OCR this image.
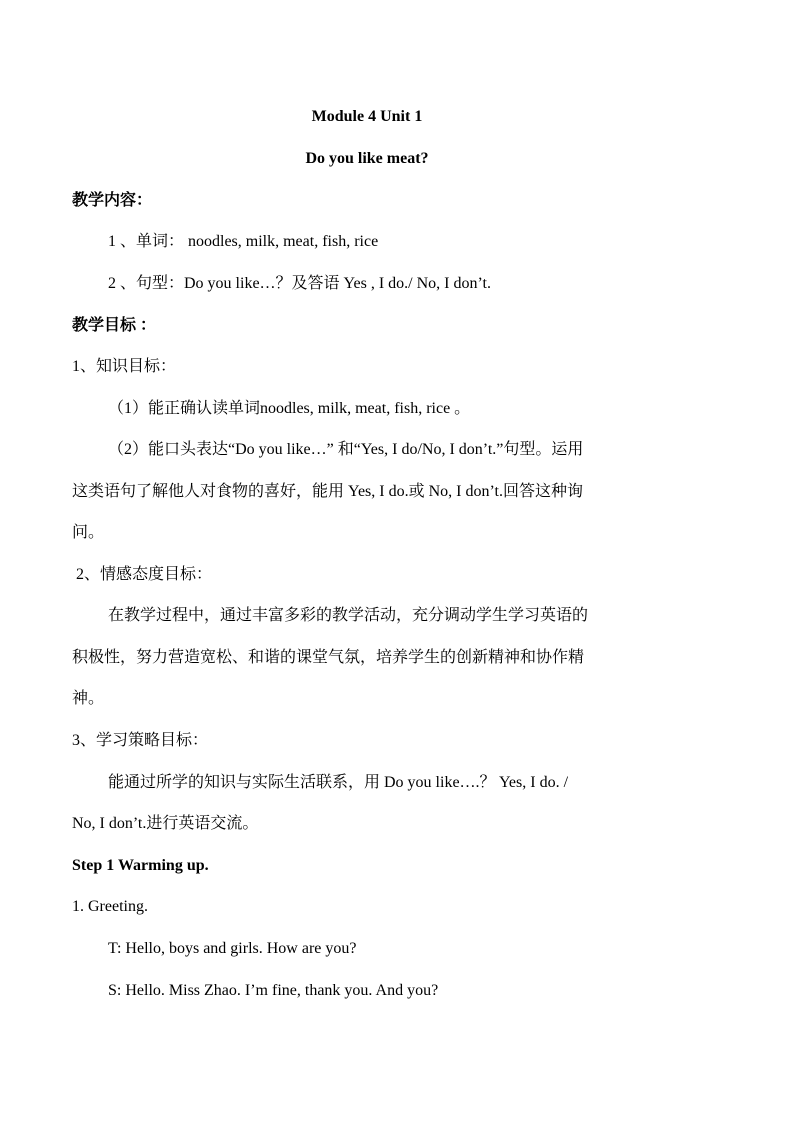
Module 4 Unit 1
Do you like meat?
教学内容：
1 、单词： noodles, milk, meat, fish, rice
2 、句型：Do you like…？及答语 Yes , I do./ No, I don’t.
教学目标 ：
1、知识目标：
（1）能正确认读单词noodles, milk, meat, fish, rice 。
（2）能口头表达“Do you like…” 和“Yes, I do/No, I don’t.”句型。运用
这类语句了解他人对食物的喜好，能用 Yes, I do.或 No, I don’t.回答这种询
问。
2、情感态度目标：
在教学过程中，通过丰富多彩的教学活动，充分调动学生学习英语的
积极性，努力营造宽松、和谐的课堂气氛，培养学生的创新精神和协作精
神。
3、学习策略目标：
能通过所学的知识与实际生活联系，用 Do you like….？ Yes, I do. /
No, I don’t.进行英语交流。
Step 1 Warming up.
1. Greeting.
T: Hello, boys and girls. How are you?
S: Hello. Miss Zhao. I’m fine, thank you. And you?
